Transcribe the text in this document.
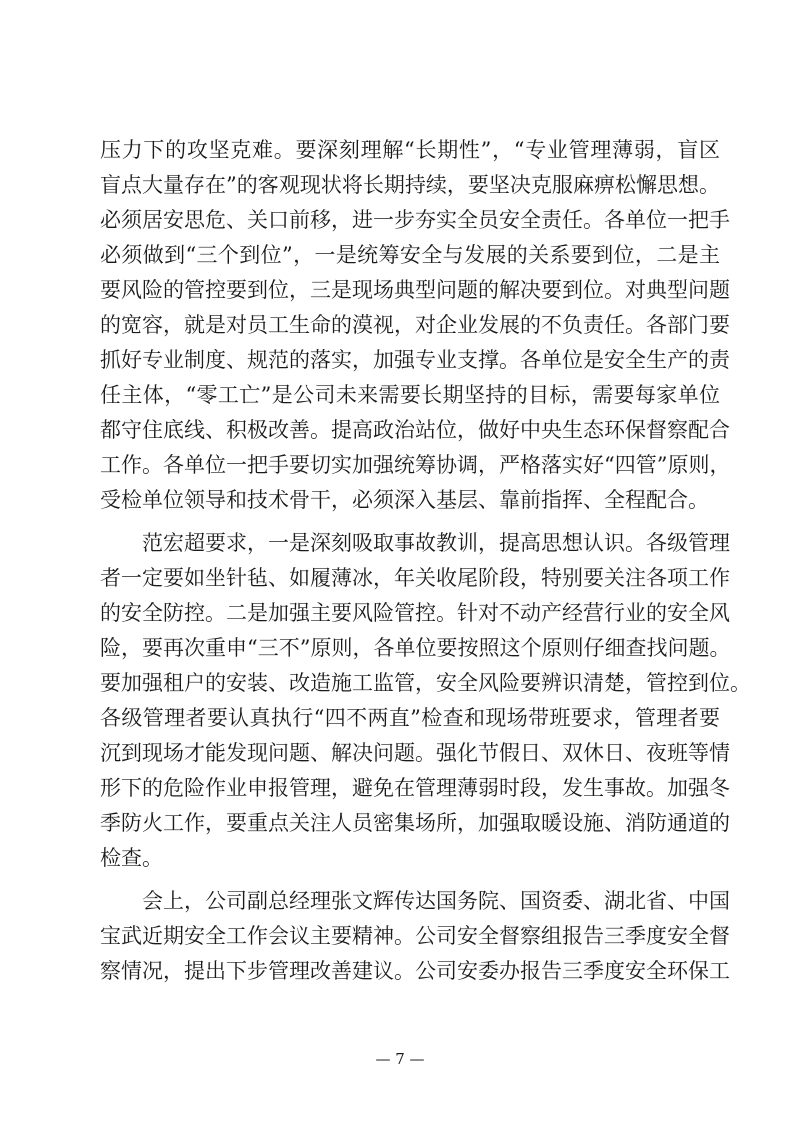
压力下的攻坚克难。要深刻理解“长期性”，“专业管理薄弱，盲区
盲点大量存在”的客观现状将长期持续，要坚决克服麻痹松懈思想。
必须居安思危、关口前移，进一步夯实全员安全责任。各单位一把手
必须做到“三个到位”，一是统筹安全与发展的关系要到位，二是主
要风险的管控要到位，三是现场典型问题的解决要到位。对典型问题
的宽容，就是对员工生命的漠视，对企业发展的不负责任。各部门要
抓好专业制度、规范的落实，加强专业支撑。各单位是安全生产的责
任主体，“零工亡”是公司未来需要长期坚持的目标，需要每家单位
都守住底线、积极改善。提高政治站位，做好中央生态环保督察配合
工作。各单位一把手要切实加强统筹协调，严格落实好“四管”原则，
受检单位领导和技术骨干，必须深入基层、靠前指挥、全程配合。
范宏超要求，一是深刻吸取事故教训，提高思想认识。各级管理
者一定要如坐针毡、如履薄冰，年关收尾阶段，特别要关注各项工作
的安全防控。二是加强主要风险管控。针对不动产经营行业的安全风
险，要再次重申“三不”原则，各单位要按照这个原则仔细查找问题。
要加强租户的安装、改造施工监管，安全风险要辨识清楚，管控到位。
各级管理者要认真执行“四不两直”检查和现场带班要求，管理者要
沉到现场才能发现问题、解决问题。强化节假日、双休日、夜班等情
形下的危险作业申报管理，避免在管理薄弱时段，发生事故。加强冬
季防火工作，要重点关注人员密集场所，加强取暖设施、消防通道的
检查。
会上，公司副总经理张文辉传达国务院、国资委、湖北省、中国
宝武近期安全工作会议主要精神。公司安全督察组报告三季度安全督
察情况，提出下步管理改善建议。公司安委办报告三季度安全环保工
— 7 —
